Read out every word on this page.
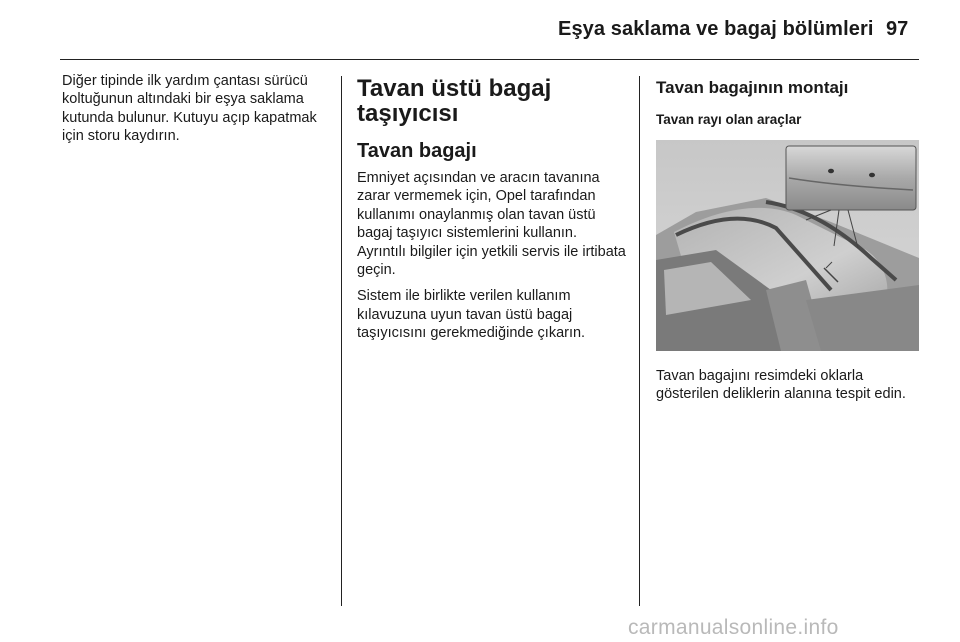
Eşya saklama ve bagaj bölümleri 97

Diğer tipinde ilk yardım çantası sürücü koltuğunun altındaki bir eşya saklama kutunda bulunur. Kutuyu açıp kapatmak için storu kaydırın.

Tavan üstü bagaj taşıyıcısı
Tavan bagajı

Emniyet açısından ve aracın tavanına zarar vermemek için, Opel tarafından kullanımı onaylanmış olan tavan üstü bagaj taşıyıcı sistemlerini kullanın. Ayrıntılı bilgiler için yetkili servis ile irtibata geçin.

Sistem ile birlikte verilen kullanım kılavuzuna uyun tavan üstü bagaj taşıyıcısını gerekmediğinde çıkarın.

Tavan bagajının montajı
Tavan rayı olan araçlar

Tavan bagajını resimdeki oklarla gösterilen deliklerin alanına tespit edin.

carmanualsonline.info
